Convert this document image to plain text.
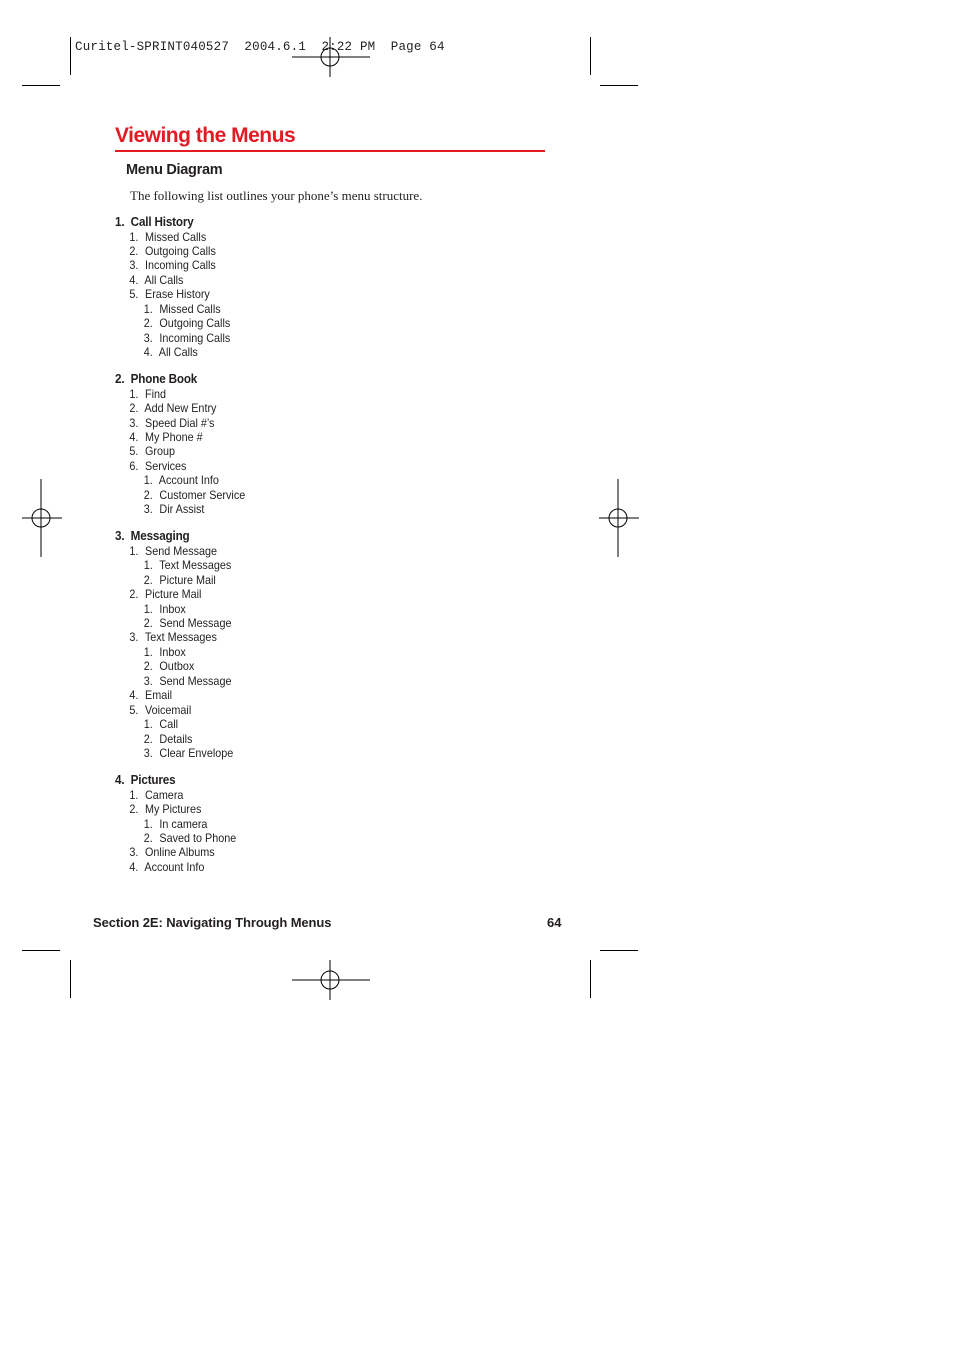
Curitel-SPRINT040527  2004.6.1  2:22 PM  Page 64
Viewing the Menus
Menu Diagram

The following list outlines your phone’s menu structure.

1. Call History
1. Missed Calls
2. Outgoing Calls
3. Incoming Calls
4. All Calls
5. Erase History
1. Missed Calls
2. Outgoing Calls
3. Incoming Calls
4. All Calls
2. Phone Book
1. Find
2. Add New Entry
3. Speed Dial #’s
4. My Phone #
5. Group
6. Services
1. Account Info
2. Customer Service
3. Dir Assist
3. Messaging
1. Send Message
1. Text Messages
2. Picture Mail
2. Picture Mail
1. Inbox
2. Send Message
3. Text Messages
1. Inbox
2. Outbox
3. Send Message
4. Email
5. Voicemail
1. Call
2. Details
3. Clear Envelope
4. Pictures
1. Camera
2. My Pictures
1. In camera
2. Saved to Phone
3. Online Albums
4. Account Info
Section 2E: Navigating Through Menus	64
